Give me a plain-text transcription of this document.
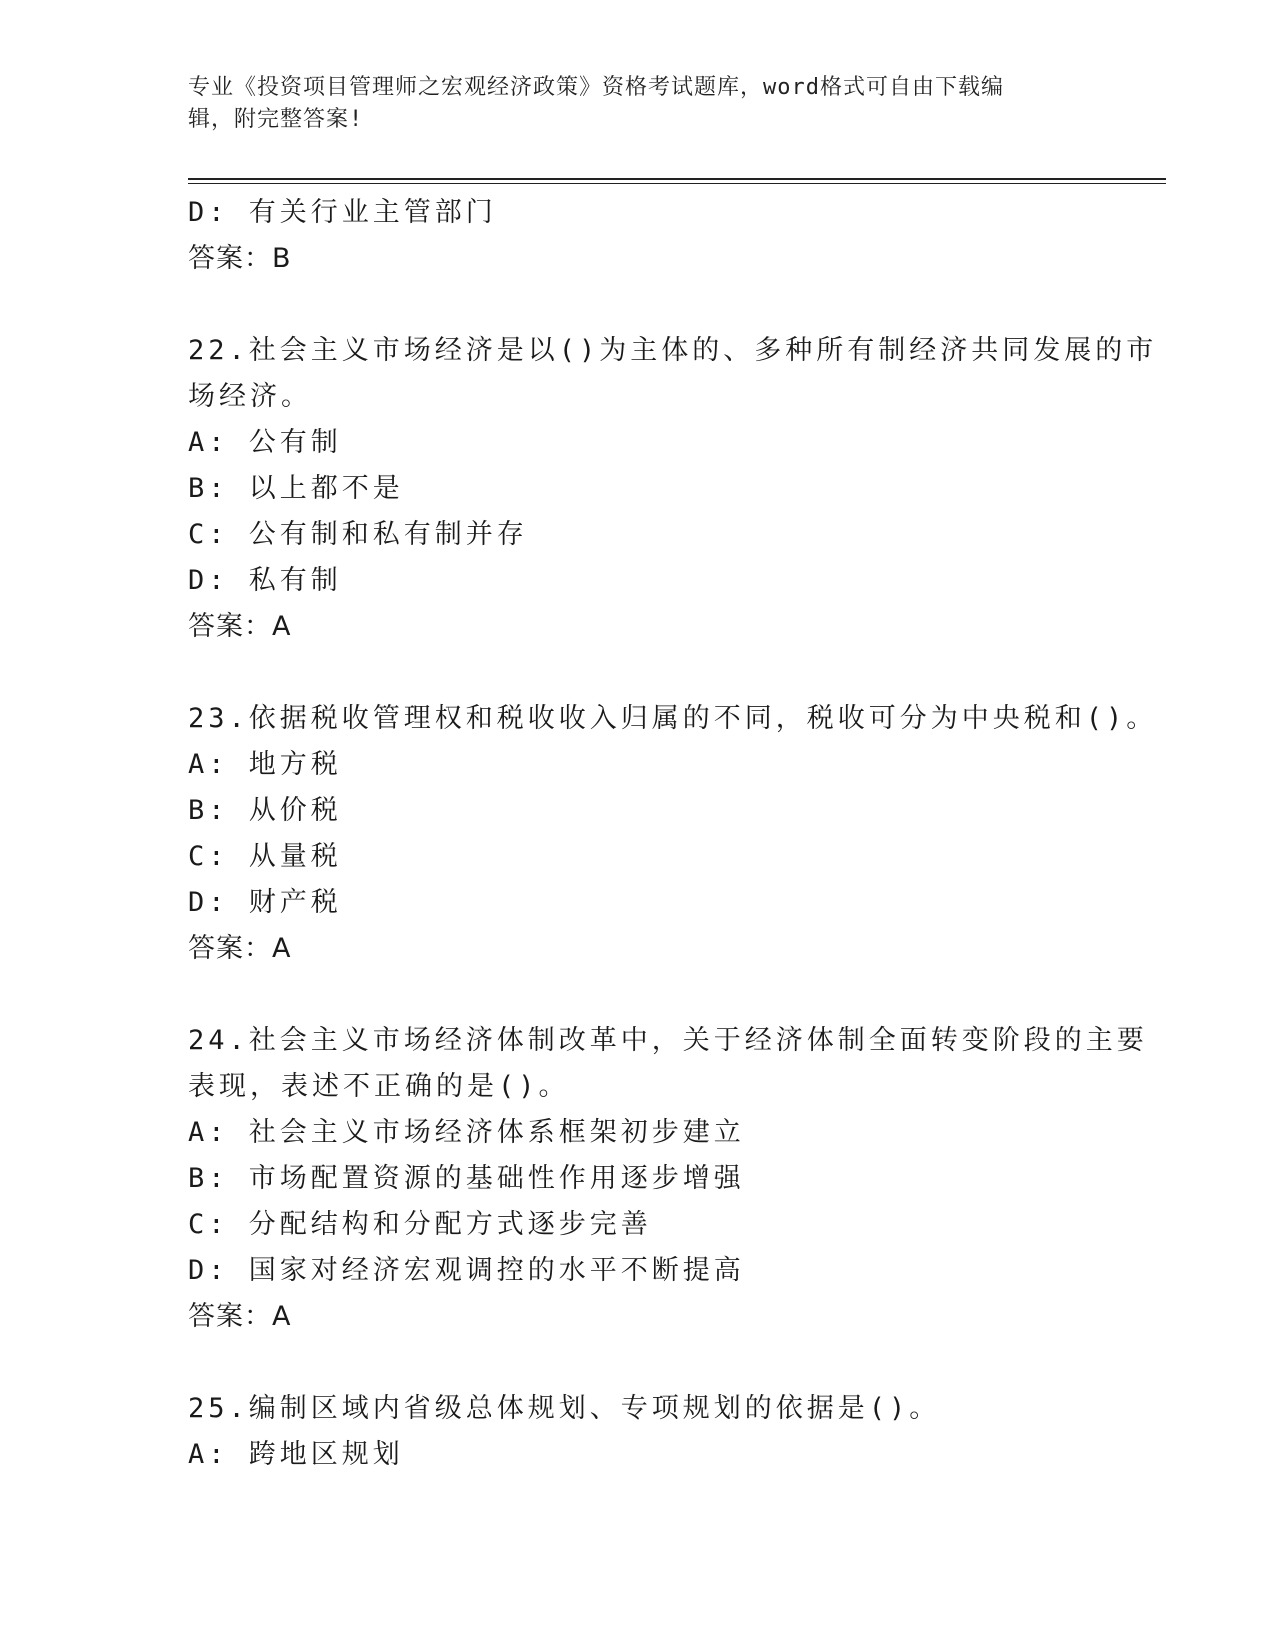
专业《投资项目管理师之宏观经济政策》资格考试题库，word格式可自由下载编
辑，附完整答案!
D: 有关行业主管部门
答案：B
22.社会主义市场经济是以()为主体的、多种所有制经济共同发展的市
场经济。
A: 公有制
B: 以上都不是
C: 公有制和私有制并存
D: 私有制
答案：A
23.依据税收管理权和税收收入归属的不同，税收可分为中央税和()。
A: 地方税
B: 从价税
C: 从量税
D: 财产税
答案：A
24.社会主义市场经济体制改革中，关于经济体制全面转变阶段的主要
表现，表述不正确的是()。
A: 社会主义市场经济体系框架初步建立
B: 市场配置资源的基础性作用逐步增强
C: 分配结构和分配方式逐步完善
D: 国家对经济宏观调控的水平不断提高
答案：A
25.编制区域内省级总体规划、专项规划的依据是()。
A: 跨地区规划
